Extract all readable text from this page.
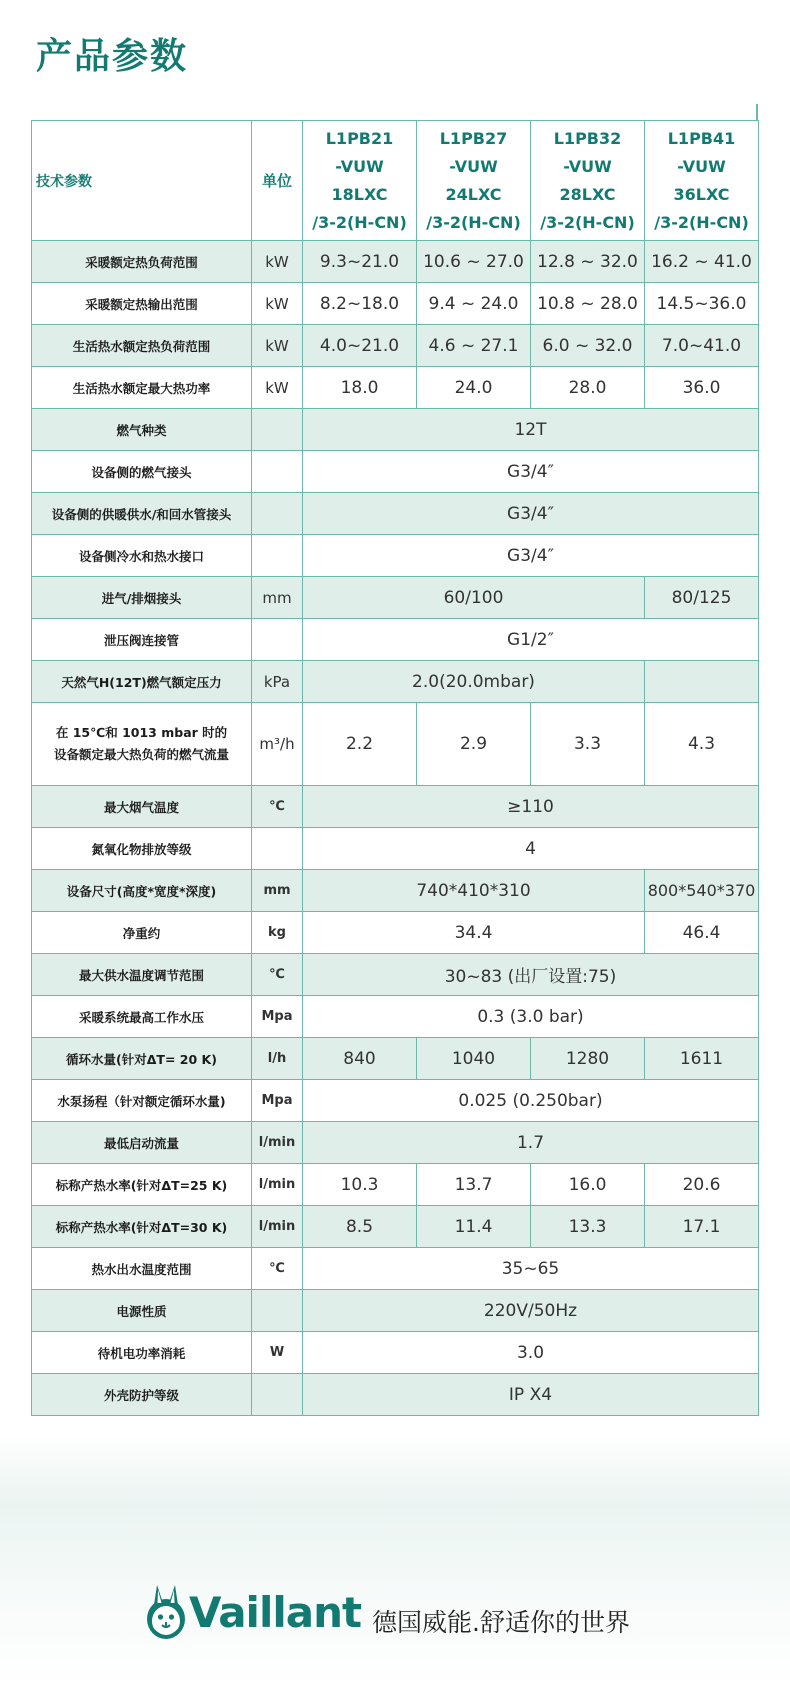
产品参数
技术参数	单位	L1PB21
-VUW
18LXC
/3-2(H-CN)	L1PB27
-VUW
24LXC
/3-2(H-CN)	L1PB32
-VUW
28LXC
/3-2(H-CN)	L1PB41
-VUW
36LXC
/3-2(H-CN)

采暖额定热负荷范围	kW	9.3~21.0	10.6 ~ 27.0	12.8 ~ 32.0	16.2 ~ 41.0
采暖额定热输出范围	kW	8.2~18.0	9.4 ~ 24.0	10.8 ~ 28.0	14.5~36.0
生活热水额定热负荷范围	kW	4.0~21.0	4.6 ~ 27.1	6.0 ~ 32.0	7.0~41.0
生活热水额定最大热功率	kW	18.0	24.0	28.0	36.0
燃气种类		12T			
设备侧的燃气接头		G3/4″			
设备侧的供暖供水/和回水管接头		G3/4″			
设备侧冷水和热水接口		G3/4″			
进气/排烟接头	mm	60/100			80/125
泄压阀连接管		G1/2″			
天然气H(12T)燃气额定压力	kPa	2.0(20.0mbar)			

在 15℃和 1013 mbar 时的
设备额定最大热负荷的燃气流量	m³/h	2.2	2.9	3.3	4.3
最大烟气温度	℃	≥110			
氮氧化物排放等级		4			
设备尺寸(高度*宽度*深度)	mm	740*410*310			800*540*370
净重约	kg	34.4			46.4
最大供水温度调节范围	℃	30~83 (出厂设置:75)			
采暖系统最高工作水压	Mpa	0.3 (3.0 bar)			
循环水量(针对ΔT= 20 K)	l/h	840	1040	1280	1611
水泵扬程（针对额定循环水量)	Mpa	0.025 (0.250bar)			
最低启动流量	l/min	1.7			
标称产热水率(针对ΔT=25 K)	l/min	10.3	13.7	16.0	20.6
标称产热水率(针对ΔT=30 K)	l/min	8.5	11.4	13.3	17.1
热水出水温度范围	℃	35~65			
电源性质		220V/50Hz			
待机电功率消耗	W	3.0			
外壳防护等级		IP X4			
Vaillant 德国威能.舒适你的世界
